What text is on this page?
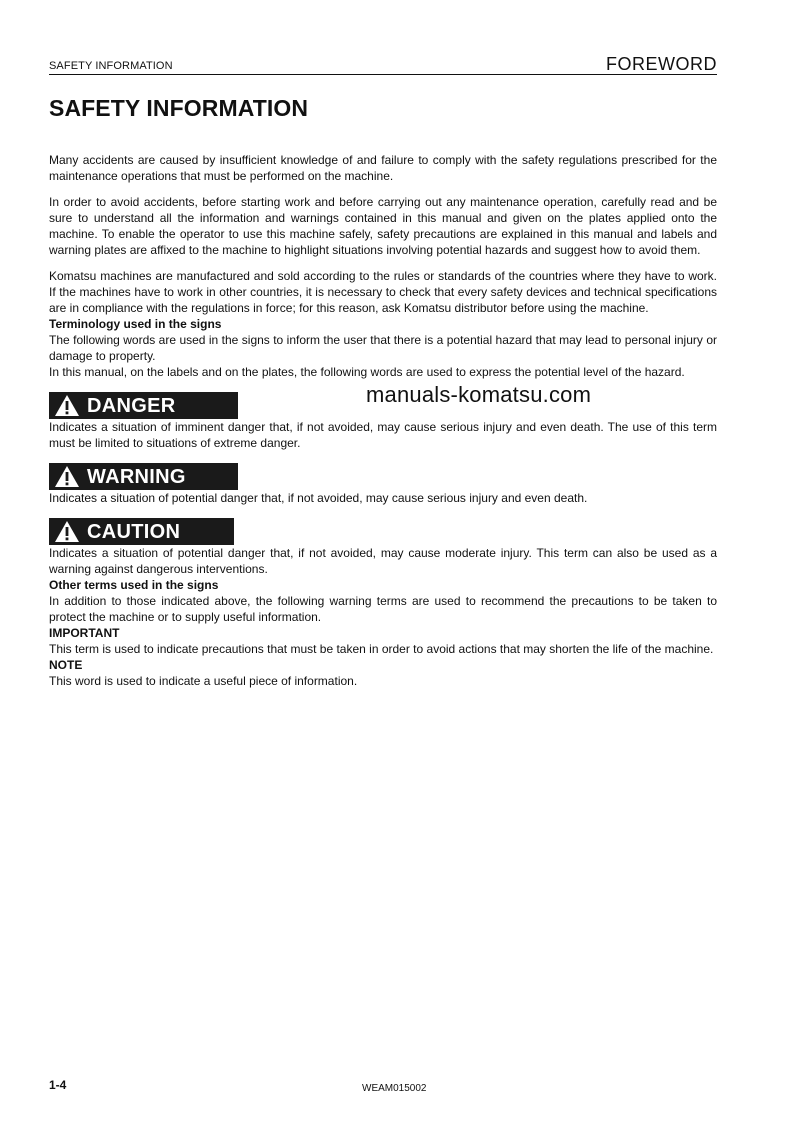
SAFETY INFORMATION	FOREWORD
SAFETY INFORMATION

Many accidents are caused by insufficient knowledge of and failure to comply with the safety regulations prescribed for the maintenance operations that must be performed on the machine.

In order to avoid accidents, before starting work and before carrying out any maintenance operation, carefully read and be sure to understand all the information and warnings contained in this manual and given on the plates applied onto the machine. To enable the operator to use this machine safely, safety precautions are explained in this manual and labels and warning plates are affixed to the machine to highlight situations involving potential hazards and suggest how to avoid them.

Komatsu machines are manufactured and sold according to the rules or standards of the countries where they have to work. If the machines have to work in other countries, it is necessary to check that every safety devices and technical specifications are in compliance with the regulations in force; for this reason, ask Komatsu distributor before using the machine.

Terminology used in the signs

The following words are used in the signs to inform the user that there is a potential hazard that may lead to personal injury or damage to property.

In this manual, on the labels and on the plates, the following words are used to express the potential level of the hazard.

DANGER

Indicates a situation of imminent danger that, if not avoided, may cause serious injury and even death. The use of this term must be limited to situations of extreme danger.

WARNING

Indicates a situation of potential danger that, if not avoided, may cause serious injury and even death.

CAUTION

Indicates a situation of potential danger that, if not avoided, may cause moderate injury. This term can also be used as a warning against dangerous interventions.

Other terms used in the signs

In addition to those indicated above, the following warning terms are used to recommend the precautions to be taken to protect the machine or to supply useful information.

IMPORTANT

This term is used to indicate precautions that must be taken in order to avoid actions that may shorten the life of the machine.

NOTE

This word is used to indicate a useful piece of information.

manuals-komatsu.com
1-4	WEAM015002
